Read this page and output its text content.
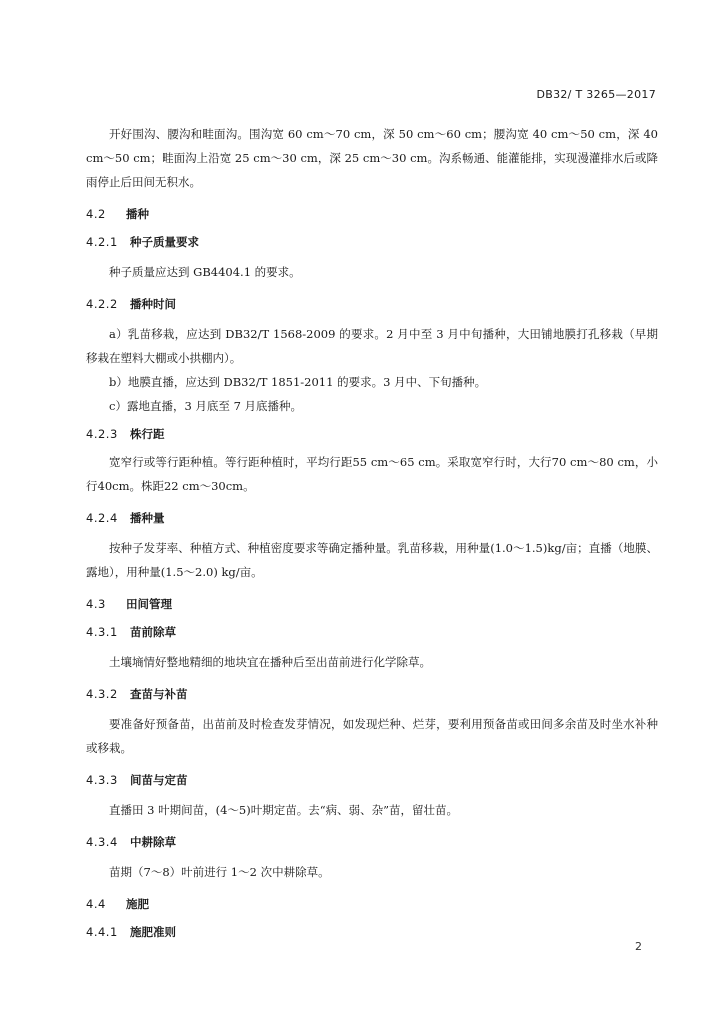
DB32/ T 3265—2017

开好围沟、腰沟和畦面沟。围沟宽 60 cm～70 cm，深 50 cm～60 cm；腰沟宽 40 cm～50 cm，深 40 cm～50 cm；畦面沟上沿宽 25 cm～30 cm，深 25 cm～30 cm。沟系畅通、能灌能排，实现漫灌排水后或降雨停止后田间无积水。

4.2 播种
4.2.1 种子质量要求

种子质量应达到 GB4404.1 的要求。

4.2.2 播种时间

a）乳苗移栽，应达到 DB32/T 1568-2009 的要求。2 月中至 3 月中旬播种，大田铺地膜打孔移栽（早期移栽在塑料大棚或小拱棚内）。

b）地膜直播，应达到 DB32/T 1851-2011 的要求。3 月中、下旬播种。

c）露地直播，3 月底至 7 月底播种。

4.2.3 株行距

宽窄行或等行距种植。等行距种植时，平均行距55 cm～65 cm。采取宽窄行时，大行70 cm～80 cm，小行40cm。株距22 cm～30cm。

4.2.4 播种量

按种子发芽率、种植方式、种植密度要求等确定播种量。乳苗移栽，用种量(1.0～1.5)kg/亩；直播（地膜、露地），用种量(1.5～2.0) kg/亩。

4.3 田间管理
4.3.1 苗前除草

土壤墒情好整地精细的地块宜在播种后至出苗前进行化学除草。

4.3.2 查苗与补苗

要准备好预备苗，出苗前及时检查发芽情况，如发现烂种、烂芽，要利用预备苗或田间多余苗及时坐水补种或移栽。

4.3.3 间苗与定苗

直播田 3 叶期间苗，(4～5)叶期定苗。去“病、弱、杂”苗，留壮苗。

4.3.4 中耕除草

苗期（7～8）叶前进行 1～2 次中耕除草。

4.4 施肥
4.4.1 施肥准则
2
